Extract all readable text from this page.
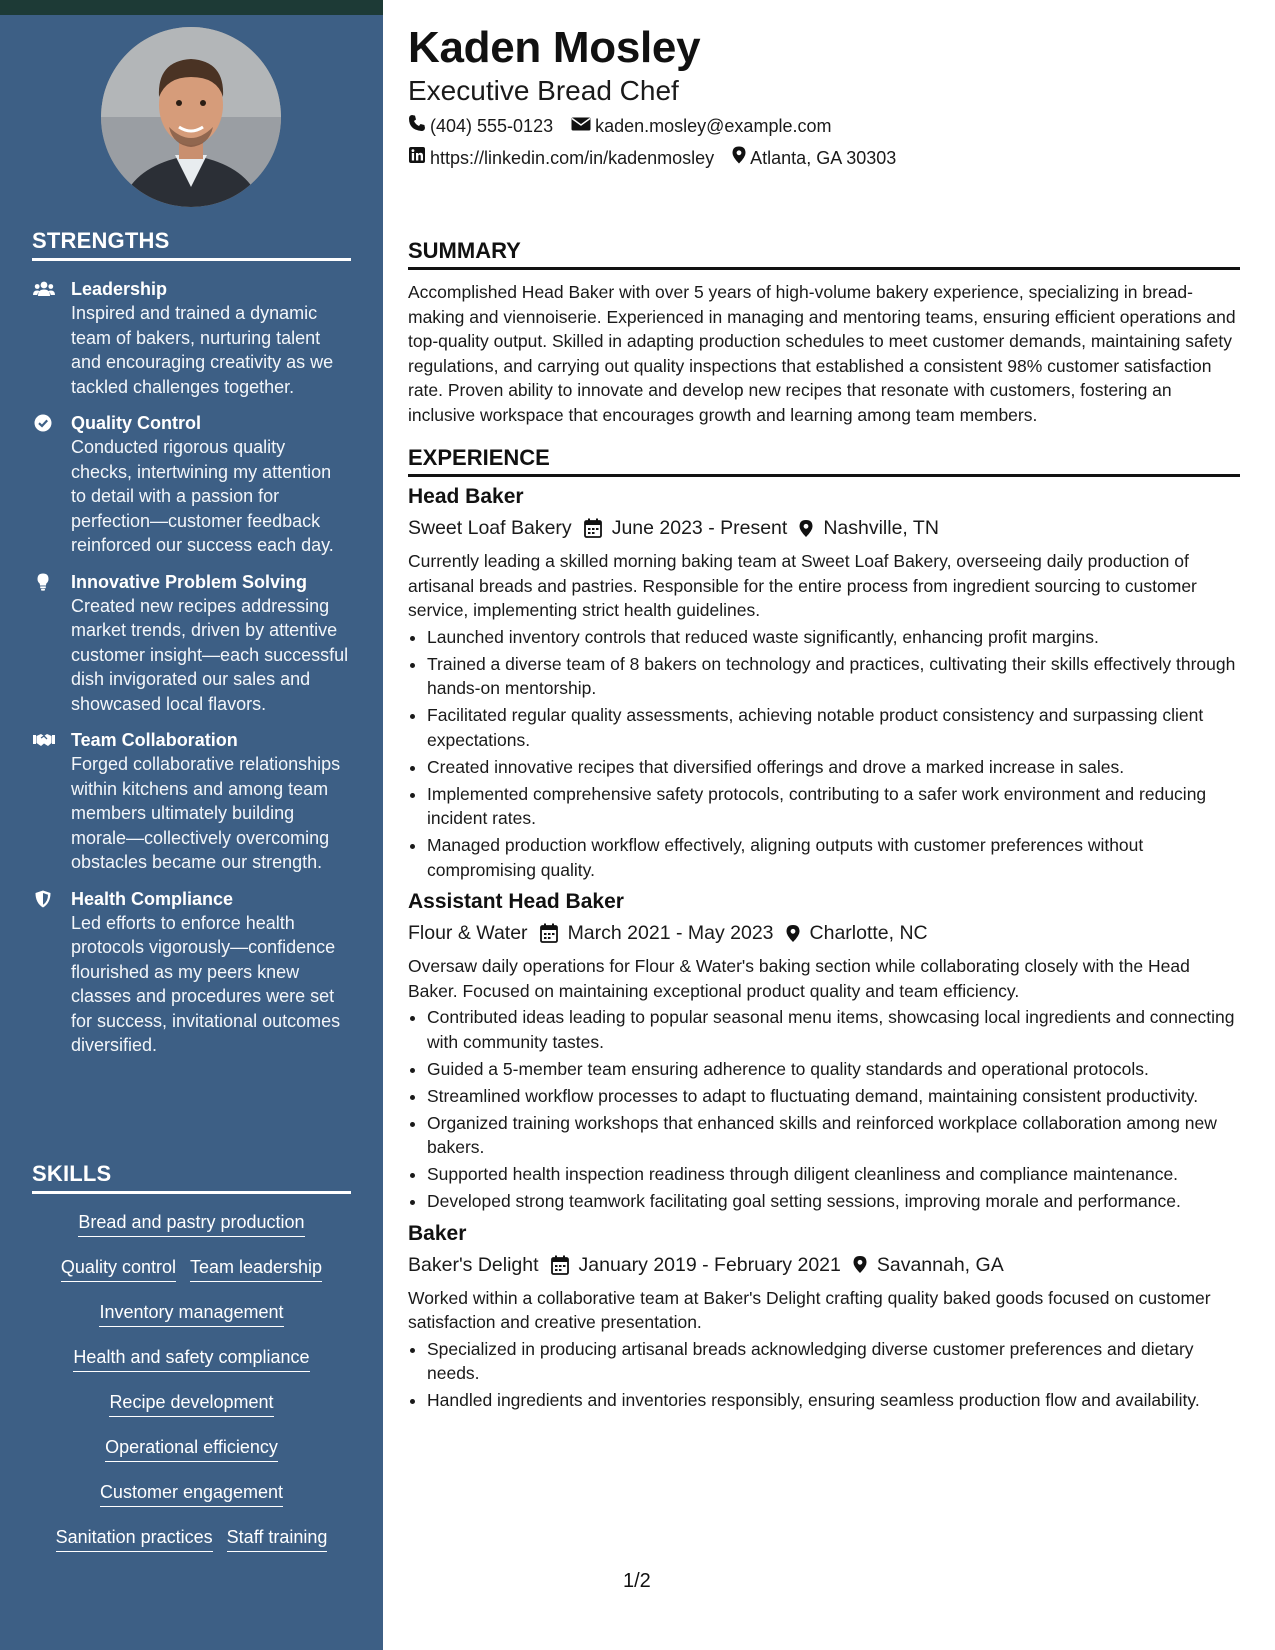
STRENGTHS
Leadership
Inspired and trained a dynamic team of bakers, nurturing talent and encouraging creativity as we tackled challenges together.
Quality Control
Conducted rigorous quality checks, intertwining my attention to detail with a passion for perfection—customer feedback reinforced our success each day.
Innovative Problem Solving
Created new recipes addressing market trends, driven by attentive customer insight—each successful dish invigorated our sales and showcased local flavors.
Team Collaboration
Forged collaborative relationships within kitchens and among team members ultimately building morale—collectively overcoming obstacles became our strength.
Health Compliance
Led efforts to enforce health protocols vigorously—confidence flourished as my peers knew classes and procedures were set for success, invitational outcomes diversified.
SKILLS
Bread and pastry production
Quality control Team leadership
Inventory management
Health and safety compliance
Recipe development
Operational efficiency
Customer engagement
Sanitation practices Staff training
Kaden Mosley
Executive Bread Chef
(404) 555-0123 kaden.mosley@example.com
https://linkedin.com/in/kadenmosley Atlanta, GA 30303
SUMMARY
Accomplished Head Baker with over 5 years of high-volume bakery experience, specializing in bread-making and viennoiserie. Experienced in managing and mentoring teams, ensuring efficient operations and top-quality output. Skilled in adapting production schedules to meet customer demands, maintaining safety regulations, and carrying out quality inspections that established a consistent 98% customer satisfaction rate. Proven ability to innovate and develop new recipes that resonate with customers, fostering an inclusive workspace that encourages growth and learning among team members.
EXPERIENCE
Head Baker
Sweet Loaf Bakery June 2023 - Present Nashville, TN
Currently leading a skilled morning baking team at Sweet Loaf Bakery, overseeing daily production of artisanal breads and pastries. Responsible for the entire process from ingredient sourcing to customer service, implementing strict health guidelines.
• Launched inventory controls that reduced waste significantly, enhancing profit margins.
• Trained a diverse team of 8 bakers on technology and practices, cultivating their skills effectively through hands-on mentorship.
• Facilitated regular quality assessments, achieving notable product consistency and surpassing client expectations.
• Created innovative recipes that diversified offerings and drove a marked increase in sales.
• Implemented comprehensive safety protocols, contributing to a safer work environment and reducing incident rates.
• Managed production workflow effectively, aligning outputs with customer preferences without compromising quality.
Assistant Head Baker
Flour & Water March 2021 - May 2023 Charlotte, NC
Oversaw daily operations for Flour & Water's baking section while collaborating closely with the Head Baker. Focused on maintaining exceptional product quality and team efficiency.
• Contributed ideas leading to popular seasonal menu items, showcasing local ingredients and connecting with community tastes.
• Guided a 5-member team ensuring adherence to quality standards and operational protocols.
• Streamlined workflow processes to adapt to fluctuating demand, maintaining consistent productivity.
• Organized training workshops that enhanced skills and reinforced workplace collaboration among new bakers.
• Supported health inspection readiness through diligent cleanliness and compliance maintenance.
• Developed strong teamwork facilitating goal setting sessions, improving morale and performance.
Baker
Baker's Delight January 2019 - February 2021 Savannah, GA
Worked within a collaborative team at Baker's Delight crafting quality baked goods focused on customer satisfaction and creative presentation.
• Specialized in producing artisanal breads acknowledging diverse customer preferences and dietary needs.
• Handled ingredients and inventories responsibly, ensuring seamless production flow and availability.
1/2
